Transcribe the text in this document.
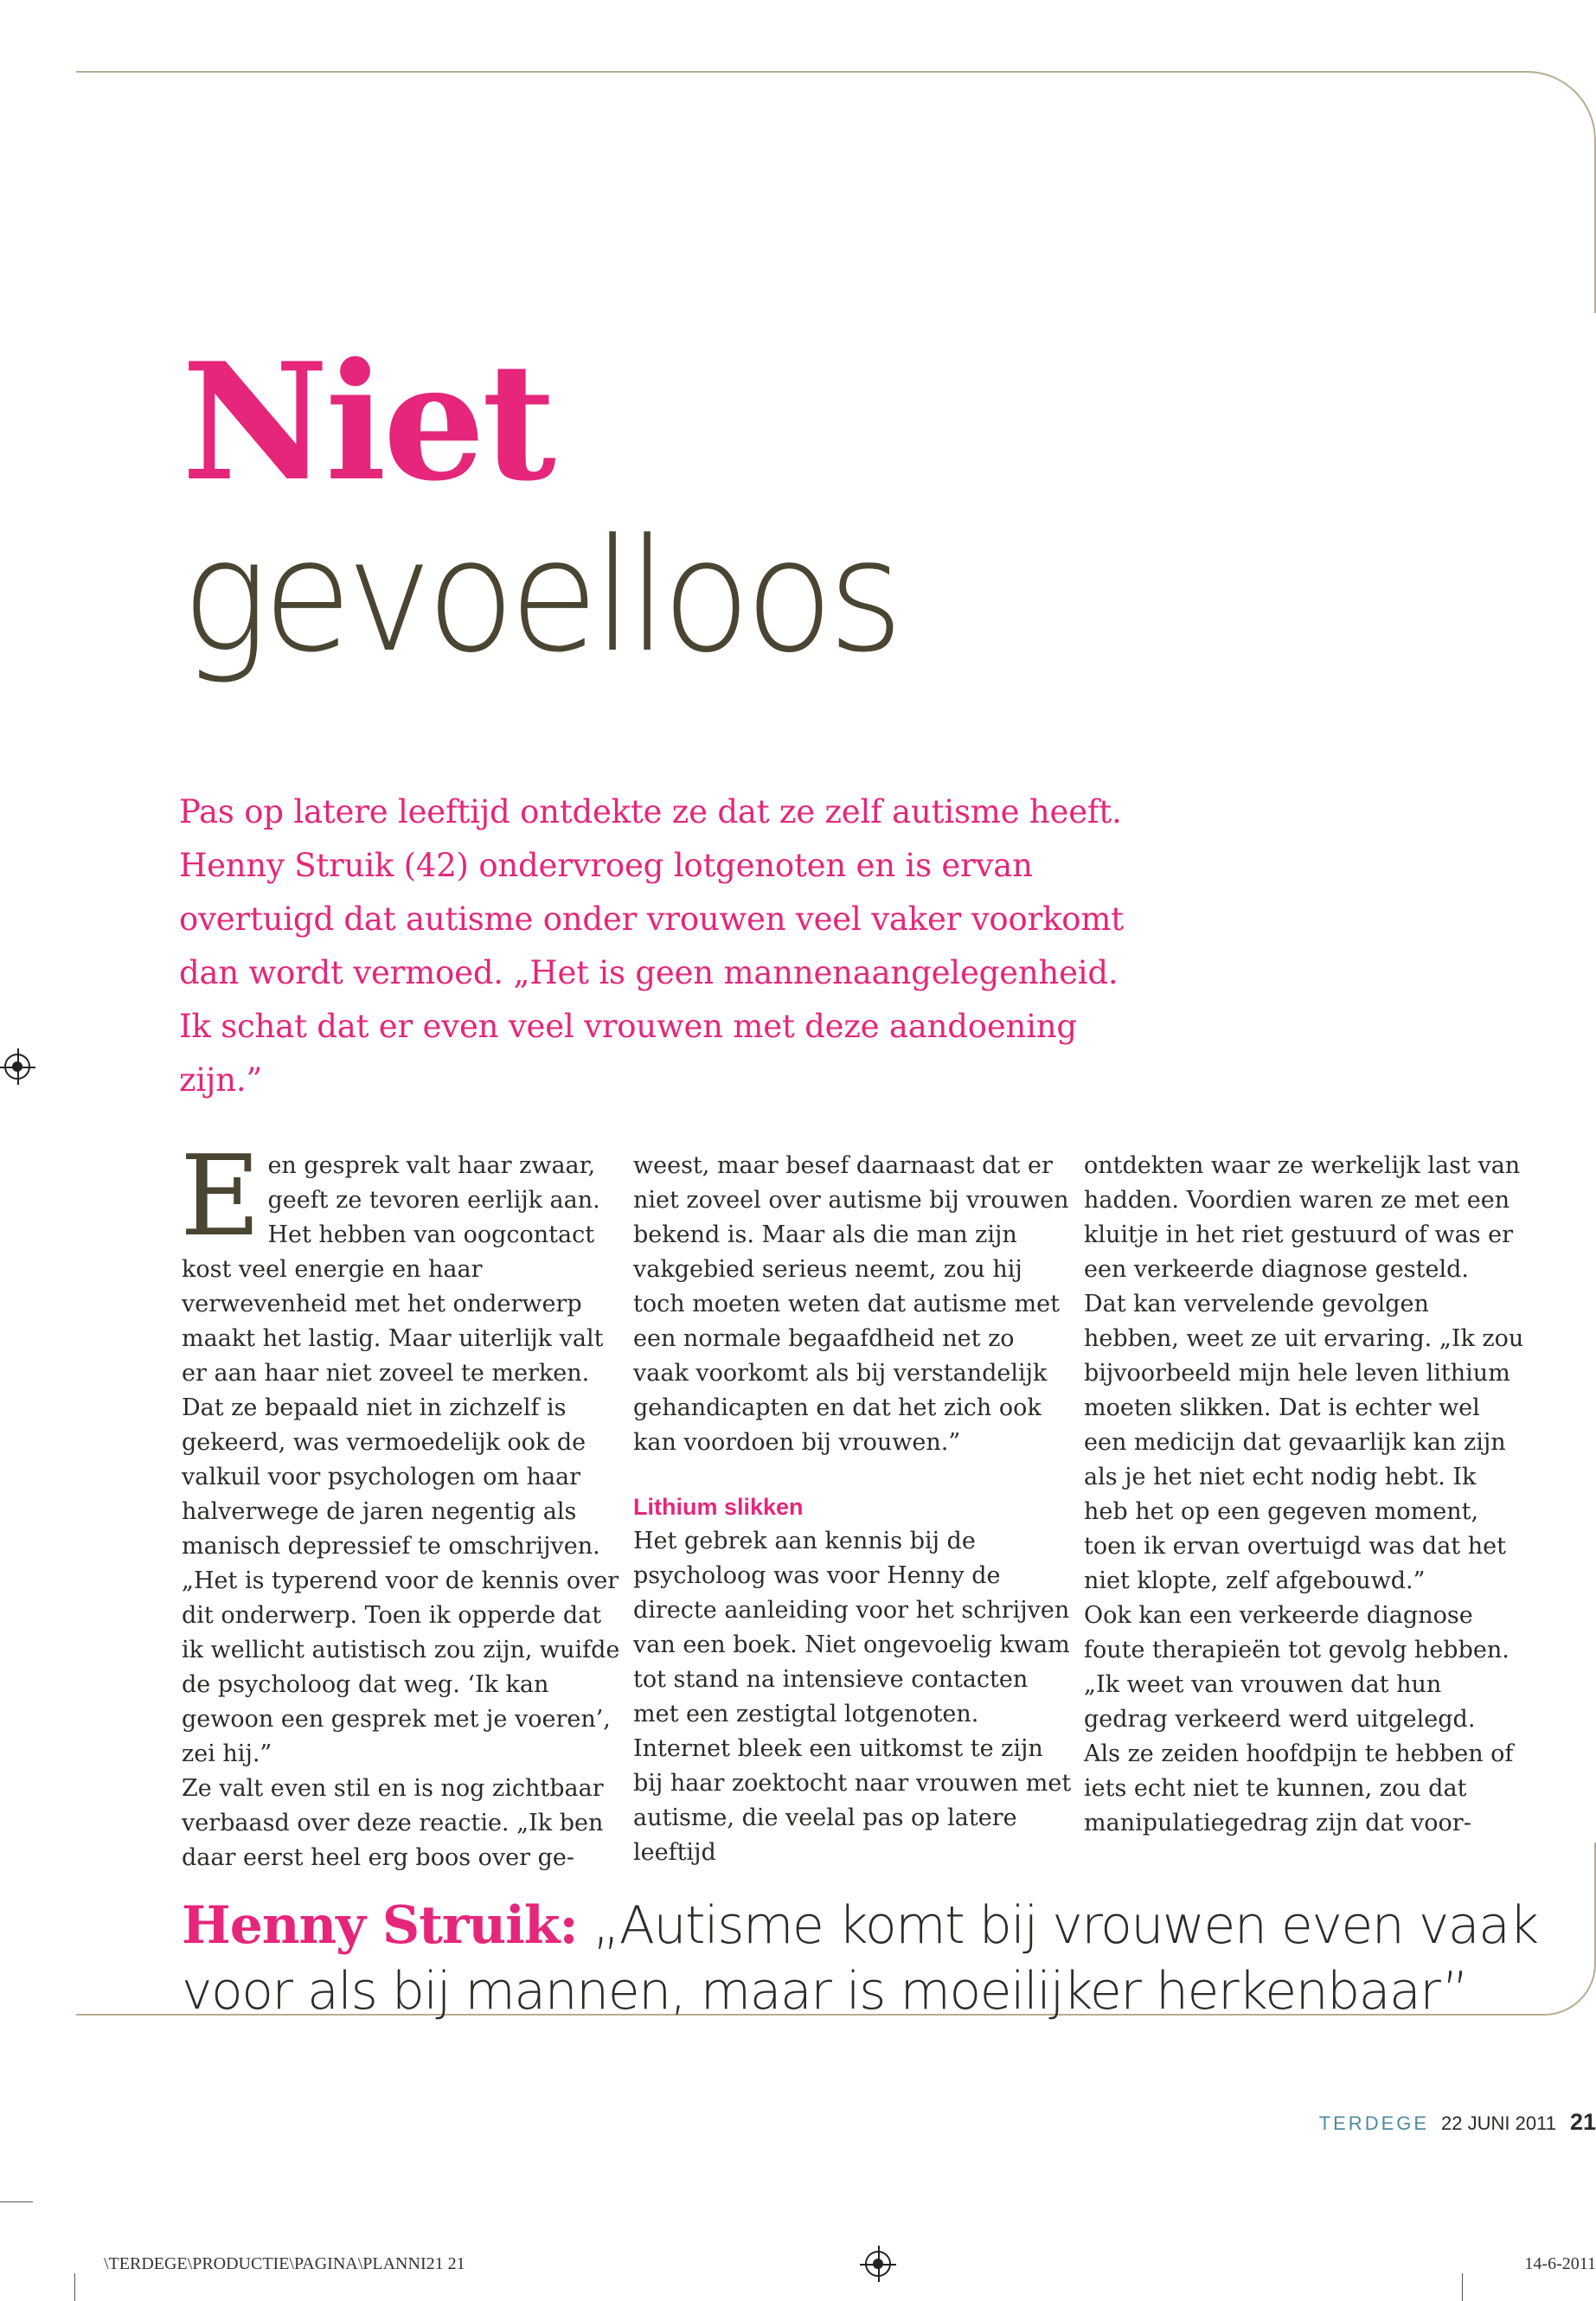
Niet
gevoelloos

Pas op latere leeftijd ontdekte ze dat ze zelf autisme heeft. Henny Struik (42) ondervroeg lotgenoten en is ervan overtuigd dat autisme onder vrouwen veel vaker voorkomt dan wordt vermoed. „Het is geen mannenaangelegenheid. Ik schat dat er even veel vrouwen met deze aandoening zijn.”

Een gesprek valt haar zwaar, geeft ze tevoren eerlijk aan. Het hebben van oogcontact kost veel energie en haar verwevenheid met het onderwerp maakt het lastig. Maar uiterlijk valt er aan haar niet zoveel te merken. Dat ze bepaald niet in zichzelf is gekeerd, was vermoedelijk ook de valkuil voor psychologen om haar halverwege de jaren negentig als manisch depressief te omschrijven. „Het is typerend voor de kennis over dit onderwerp. Toen ik opperde dat ik wellicht autistisch zou zijn, wuifde de psycholoog dat weg. ‘Ik kan gewoon een gesprek met je voeren’, zei hij.”

Ze valt even stil en is nog zichtbaar verbaasd over deze reactie. „Ik ben daar eerst heel erg boos over ge-

weest, maar besef daarnaast dat er niet zoveel over autisme bij vrouwen bekend is. Maar als die man zijn vakgebied serieus neemt, zou hij toch moeten weten dat autisme met een normale begaafdheid net zo vaak voorkomt als bij verstandelijk gehandicapten en dat het zich ook kan voordoen bij vrouwen.”

Lithium slikken

Het gebrek aan kennis bij de psycholoog was voor Henny de directe aanleiding voor het schrijven van een boek. Niet ongevoelig kwam tot stand na intensieve contacten met een zestigtal lotgenoten. Internet bleek een uitkomst te zijn bij haar zoektocht naar vrouwen met autisme, die veelal pas op latere leeftijd

ontdekten waar ze werkelijk last van hadden. Voordien waren ze met een kluitje in het riet gestuurd of was er een verkeerde diagnose gesteld.

Dat kan vervelende gevolgen hebben, weet ze uit ervaring. „Ik zou bijvoorbeeld mijn hele leven lithium moeten slikken. Dat is echter wel een medicijn dat gevaarlijk kan zijn als je het niet echt nodig hebt. Ik heb het op een gegeven moment, toen ik ervan overtuigd was dat het niet klopte, zelf afgebouwd.”

Ook kan een verkeerde diagnose foute therapieën tot gevolg hebben. „Ik weet van vrouwen dat hun gedrag verkeerd werd uitgelegd.

Als ze zeiden hoofdpijn te hebben of iets echt niet te kunnen, zou dat manipulatiegedrag zijn dat voor-

Henny Struik: „Autisme komt bij vrouwen even vaak voor als bij mannen, maar is moeilijker herkenbaar”

TERDEGE 22 JUNI 2011 21
\TERDEGE\PRODUCTIE\PAGINA\PLANNI21 21	14-6-2011
